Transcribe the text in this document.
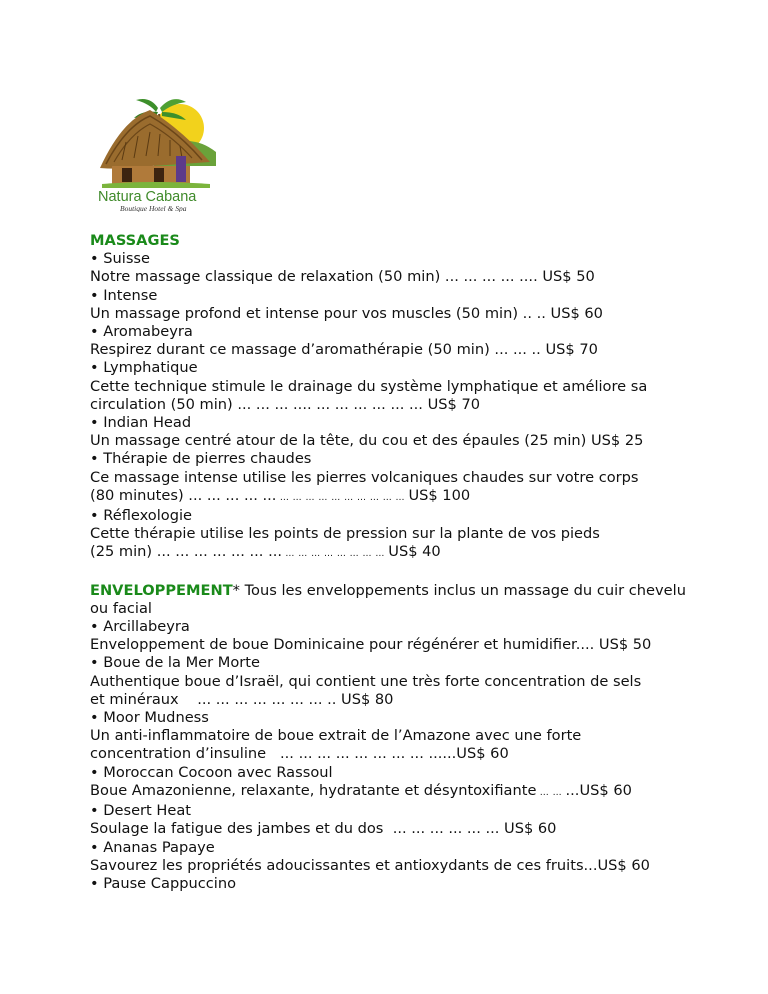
Natura Cabana
Boutique Hotel & Spa
MASSAGES
• Suisse
Notre massage classique de relaxation (50 min) ... ... ... ... .... US$ 50
• Intense
Un massage profond et intense pour vos muscles (50 min) .. .. US$ 60
• Aromabeyra
Respirez durant ce massage d’aromathérapie (50 min) ... ... .. US$ 70
• Lymphatique
Cette technique stimule le drainage du système lymphatique et améliore sa
circulation (50 min) ... ... ... .... ... ... ... ... ... ... US$ 70
• Indian Head
Un massage centré atour de la tête, du cou et des épaules (25 min) US$ 25
• Thérapie de pierres chaudes
Ce massage intense utilise les pierres volcaniques chaudes sur votre corps
(80 minutes) ... ... ... ... ... … … … … … … … … … … US$ 100
• Réflexologie
Cette thérapie utilise les points de pression sur la plante de vos pieds
(25 min) ... ... ... ... ... ... ... … … … … … … … … US$ 40
ENVELOPPEMENT* Tous les enveloppements inclus un massage du cuir chevelu ou facial
• Arcillabeyra
Enveloppement de boue Dominicaine pour régénérer et humidifier.... US$ 50
• Boue de la Mer Morte
Authentique boue d’Israël, qui contient une très forte concentration de sels
et minéraux    ... ... ... ... ... ... ... .. US$ 80
• Moor Mudness
Un anti-inflammatoire de boue extrait de l’Amazone avec une forte
concentration d’insuline   ... ... ... ... ... ... ... ... ......US$ 60
• Moroccan Cocoon avec Rassoul
Boue Amazonienne, relaxante, hydratante et désyntoxifiante … … ...US$ 60
• Desert Heat
Soulage la fatigue des jambes et du dos  ... ... ... ... ... ... US$ 60
• Ananas Papaye
Savourez les propriétés adoucissantes et antioxydants de ces fruits...US$ 60
• Pause Cappuccino
